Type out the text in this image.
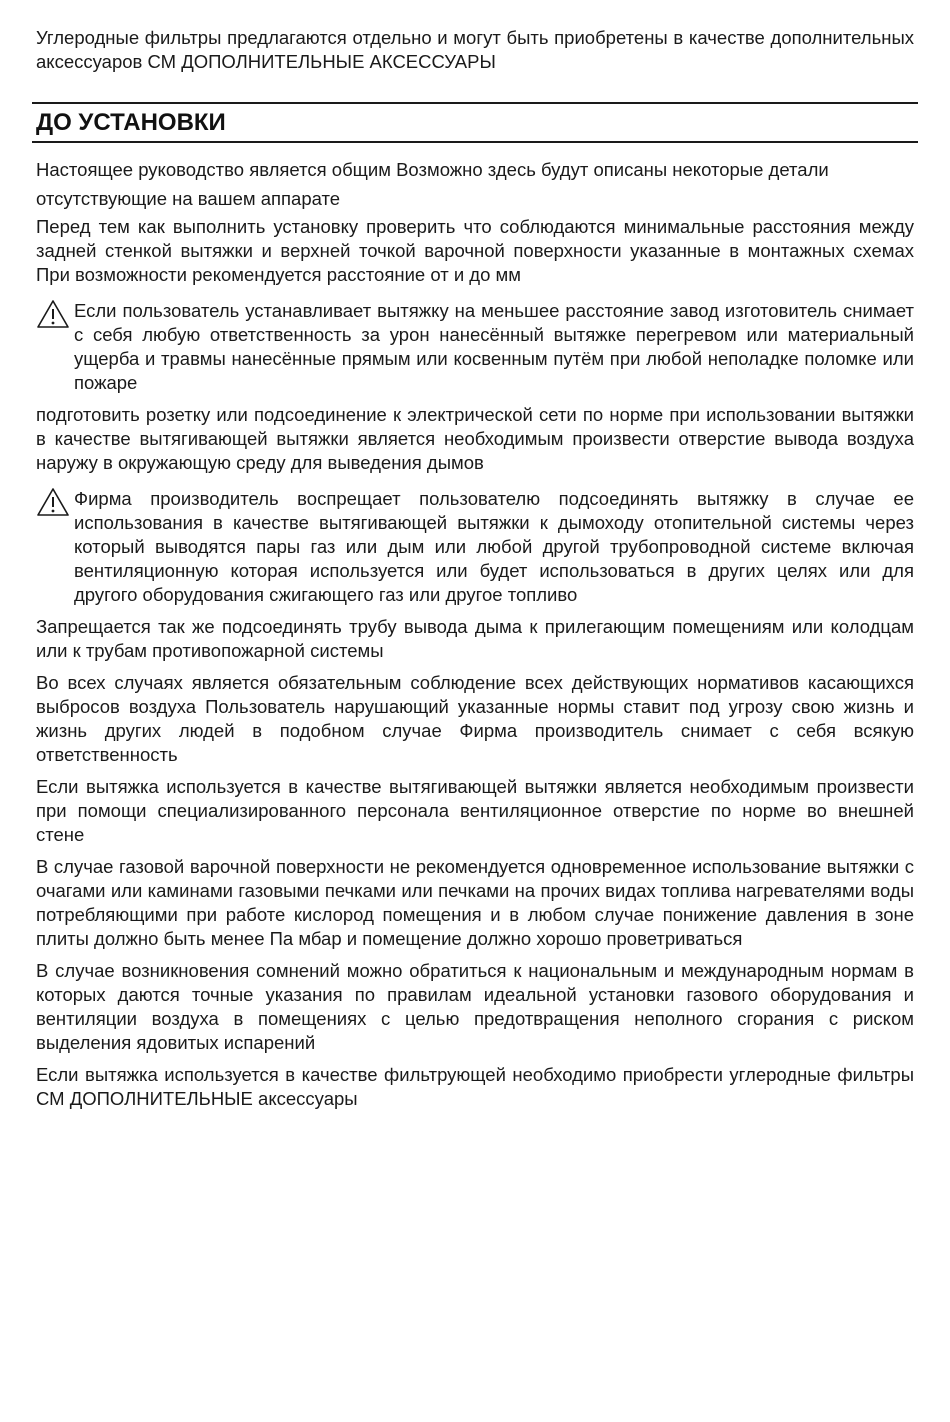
Углеродные фильтры предлагаются отдельно и могут быть приобретены в качестве дополнительных аксессуаров СМ ДОПОЛНИТЕЛЬНЫЕ АКСЕССУАРЫ

ДО УСТАНОВКИ

Настоящее руководство является общим Возможно здесь будут описаны некоторые детали отсутствующие на вашем аппарате

Перед тем как выполнить установку проверить что соблюдаются минимальные расстояния между задней стенкой вытяжки и верхней точкой варочной поверхности указанные в монтажных схемах При возможности рекомендуется расстояние от и до мм

Если пользователь устанавливает вытяжку на меньшее расстояние завод изготовитель снимает с себя любую ответственность за урон нанесённый вытяжке перегревом или материальный ущерба и травмы нанесённые прямым или косвенным путём при любой неполадке поломке или пожаре

подготовить розетку или подсоединение к электрической сети по норме при использовании вытяжки в качестве вытягивающей вытяжки является необходимым произвести отверстие вывода воздуха наружу в окружающую среду для выведения дымов

Фирма производитель воспрещает пользователю подсоединять вытяжку в случае ее использования в качестве вытягивающей вытяжки к дымоходу отопительной системы через который выводятся пары газ или дым или любой другой трубопроводной системе включая вентиляционную которая используется или будет использоваться в других целях или для другого оборудования сжигающего газ или другое топливо

Запрещается так же подсоединять трубу вывода дыма к прилегающим помещениям или колодцам или к трубам противопожарной системы

Во всех случаях является обязательным соблюдение всех действующих нормативов касающихся выбросов воздуха Пользователь нарушающий указанные нормы ставит под угрозу свою жизнь и жизнь других людей в подобном случае Фирма производитель снимает с себя всякую ответственность

Если вытяжка используется в качестве вытягивающей вытяжки является необходимым произвести при помощи специализированного персонала вентиляционное отверстие по норме во внешней стене

В случае газовой варочной поверхности не рекомендуется одновременное использование вытяжки с очагами или каминами газовыми печками или печками на прочих видах топлива нагревателями воды потребляющими при работе кислород помещения и в любом случае понижение давления в зоне плиты должно быть менее Па мбар и помещение должно хорошо проветриваться

В случае возникновения сомнений можно обратиться к национальным и международным нормам в которых даются точные указания по правилам идеальной установки газового оборудования и вентиляции воздуха в помещениях с целью предотвращения неполного сгорания с риском выделения ядовитых испарений

Если вытяжка используется в качестве фильтрующей необходимо приобрести углеродные фильтры СМ ДОПОЛНИТЕЛЬНЫЕ аксессуары
